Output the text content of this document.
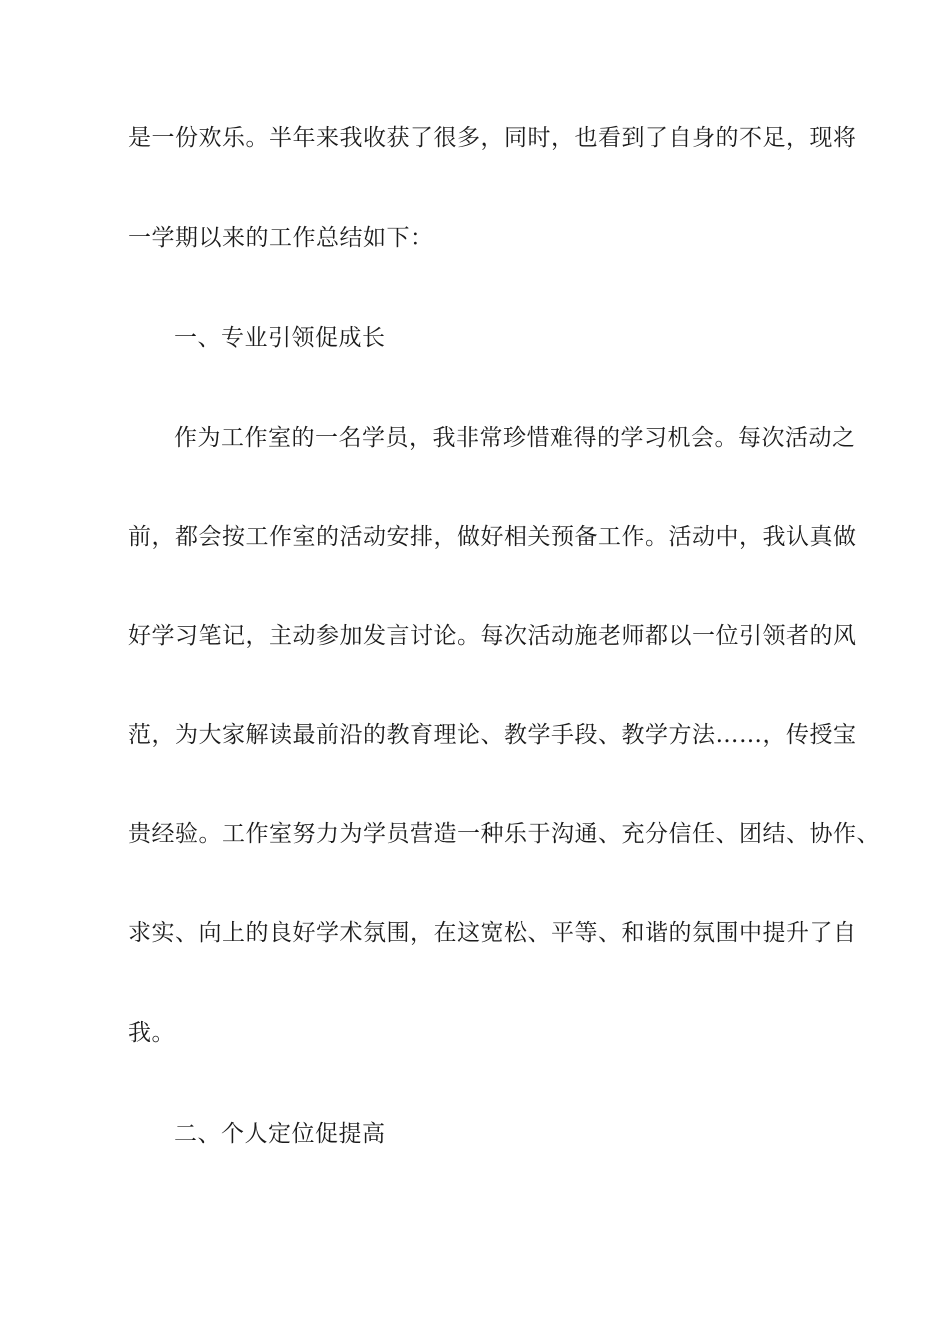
是一份欢乐。半年来我收获了很多，同时，也看到了自身的不足，现将

一学期以来的工作总结如下：

一、专业引领促成长

作为工作室的一名学员，我非常珍惜难得的学习机会。每次活动之

前，都会按工作室的活动安排，做好相关预备工作。活动中，我认真做

好学习笔记，主动参加发言讨论。每次活动施老师都以一位引领者的风

范，为大家解读最前沿的教育理论、教学手段、教学方法……，传授宝

贵经验。工作室努力为学员营造一种乐于沟通、充分信任、团结、协作、

求实、向上的良好学术氛围，在这宽松、平等、和谐的氛围中提升了自

我。

二、个人定位促提高
